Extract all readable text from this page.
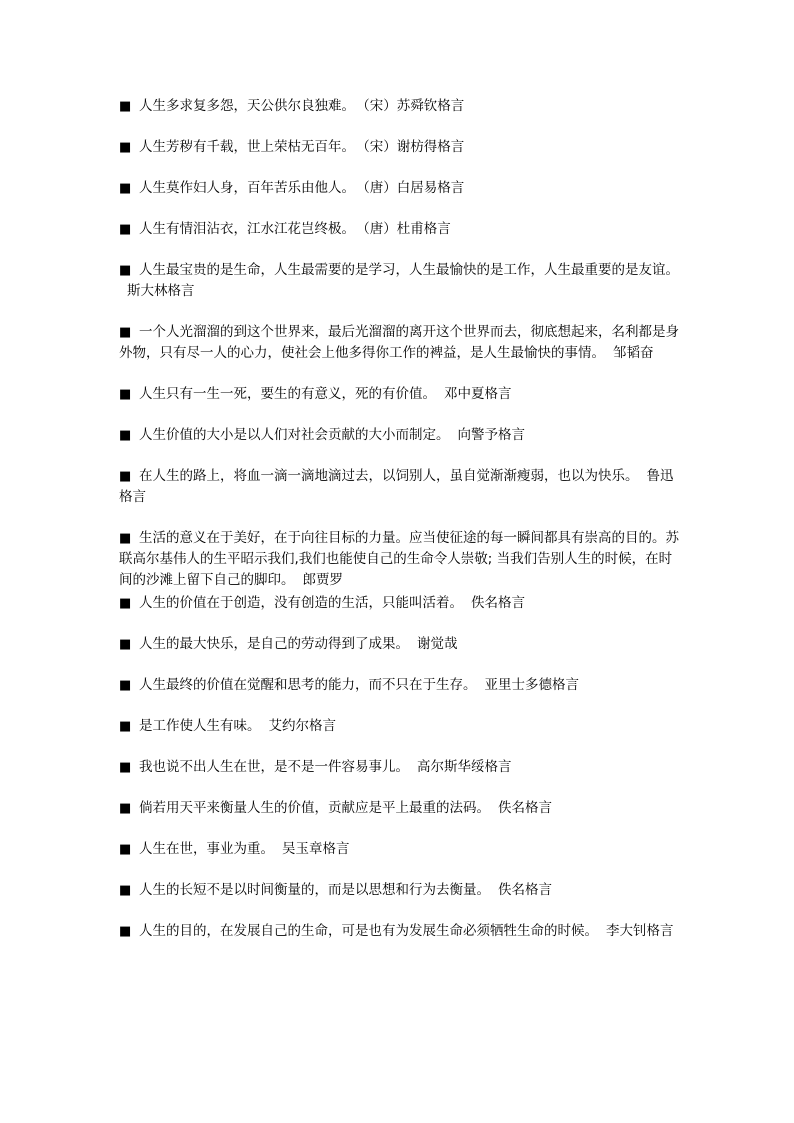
■ 人生多求复多怨，天公供尔良独难。 （宋）苏舜钦格言
■ 人生芳秽有千载，世上荣枯无百年。 （宋）谢枋得格言
■ 人生莫作妇人身，百年苦乐由他人。 （唐）白居易格言
■ 人生有情泪沾衣，江水江花岂终极。 （唐）杜甫格言
■ 人生最宝贵的是生命，人生最需要的是学习，人生最愉快的是工作，人生最重要的是友谊。斯大林格言
■ 一个人光溜溜的到这个世界来，最后光溜溜的离开这个世界而去，彻底想起来，名利都是身外物，只有尽一人的心力，使社会上他多得你工作的裨益，是人生最愉快的事情。 邹韬奋
■ 人生只有一生一死，要生的有意义，死的有价值。 邓中夏格言
■ 人生价值的大小是以人们对社会贡献的大小而制定。 向警予格言
■ 在人生的路上，将血一滴一滴地滴过去，以饲别人，虽自觉渐渐瘦弱，也以为快乐。 鲁迅格言
■ 生活的意义在于美好，在于向往目标的力量。应当使征途的每一瞬间都具有崇高的目的。苏联高尔基伟人的生平昭示我们,我们也能使自己的生命令人崇敬; 当我们告别人生的时候，在时间的沙滩上留下自己的脚印。 郎贾罗
■ 人生的价值在于创造，没有创造的生活，只能叫活着。 佚名格言
■ 人生的最大快乐，是自己的劳动得到了成果。 谢觉哉
■ 人生最终的价值在觉醒和思考的能力，而不只在于生存。 亚里士多德格言
■ 是工作使人生有味。 艾约尔格言
■ 我也说不出人生在世，是不是一件容易事儿。 高尔斯华绥格言
■ 倘若用天平来衡量人生的价值，贡献应是平上最重的法码。 佚名格言
■ 人生在世，事业为重。 吴玉章格言
■ 人生的长短不是以时间衡量的，而是以思想和行为去衡量。 佚名格言
■ 人生的目的，在发展自己的生命，可是也有为发展生命必须牺牲生命的时候。 李大钊格言
